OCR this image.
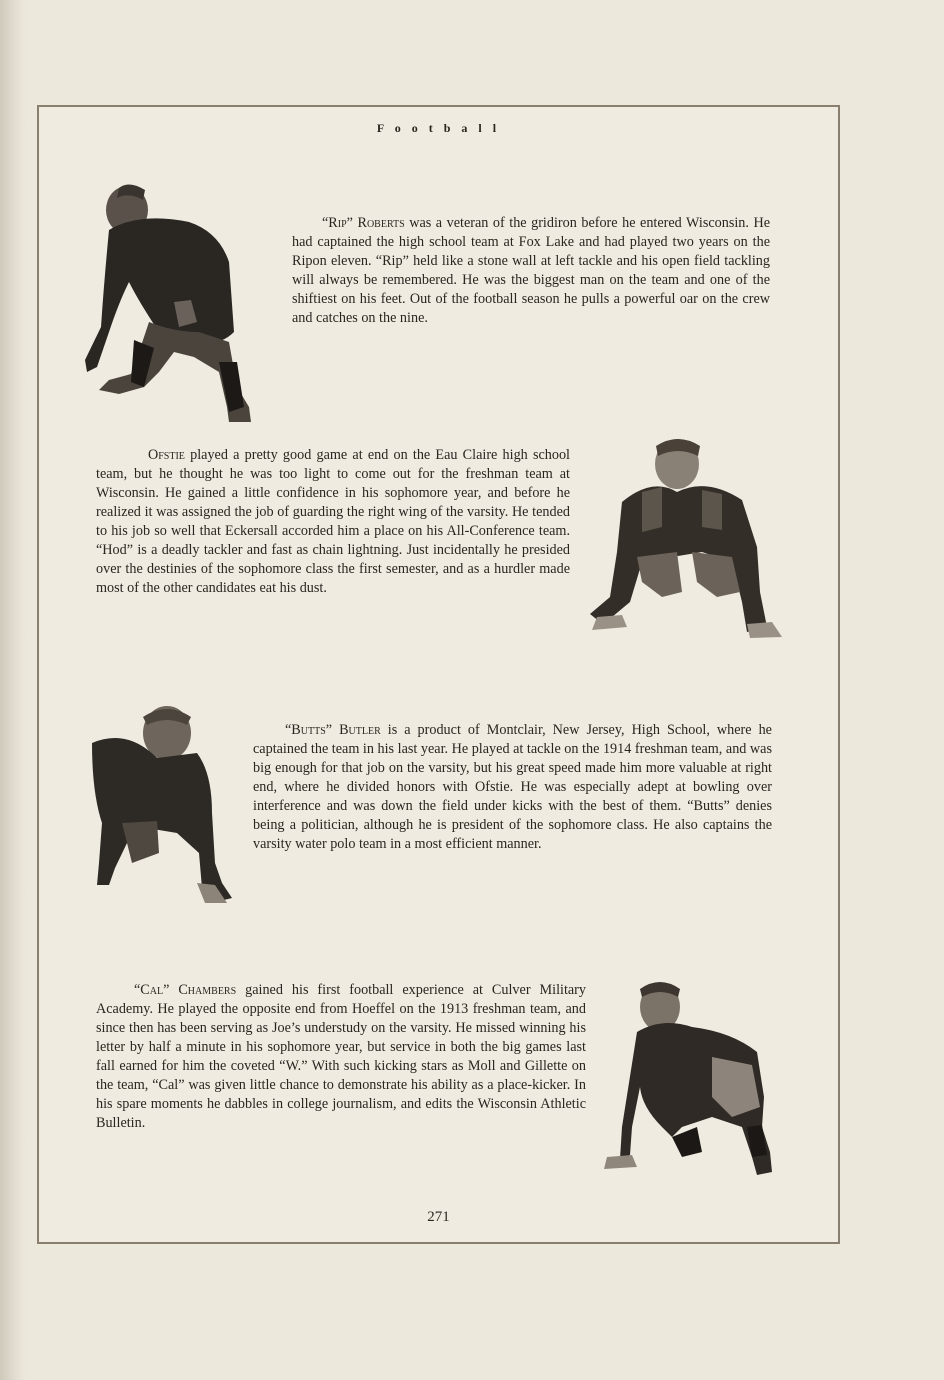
F o o t b a l l

“Rip” Roberts was a veteran of the gridiron before he entered Wisconsin. He had captained the high school team at Fox Lake and had played two years on the Ripon eleven. “Rip” held like a stone wall at left tackle and his open field tackling will always be remembered. He was the biggest man on the team and one of the shiftiest on his feet. Out of the football season he pulls a powerful oar on the crew and catches on the nine.

Ofstie played a pretty good game at end on the Eau Claire high school team, but he thought he was too light to come out for the freshman team at Wisconsin. He gained a little confidence in his sophomore year, and before he realized it was assigned the job of guarding the right wing of the varsity. He tended to his job so well that Eckersall accorded him a place on his All-Conference team. “Hod” is a deadly tackler and fast as chain lightning. Just incidentally he presided over the destinies of the sophomore class the first semester, and as a hurdler made most of the other candidates eat his dust.

“Butts” Butler is a product of Montclair, New Jersey, High School, where he captained the team in his last year. He played at tackle on the 1914 freshman team, and was big enough for that job on the varsity, but his great speed made him more valuable at right end, where he divided honors with Ofstie. He was especially adept at bowling over interference and was down the field under kicks with the best of them. “Butts” denies being a politician, although he is president of the sophomore class. He also captains the varsity water polo team in a most efficient manner.

“Cal” Chambers gained his first football experience at Culver Military Academy. He played the opposite end from Hoeffel on the 1913 freshman team, and since then has been serving as Joe’s understudy on the varsity. He missed winning his letter by half a minute in his sophomore year, but service in both the big games last fall earned for him the coveted “W.” With such kicking stars as Moll and Gillette on the team, “Cal” was given little chance to demonstrate his ability as a place-kicker. In his spare moments he dabbles in college journalism, and edits the Wisconsin Athletic Bulletin.

271
